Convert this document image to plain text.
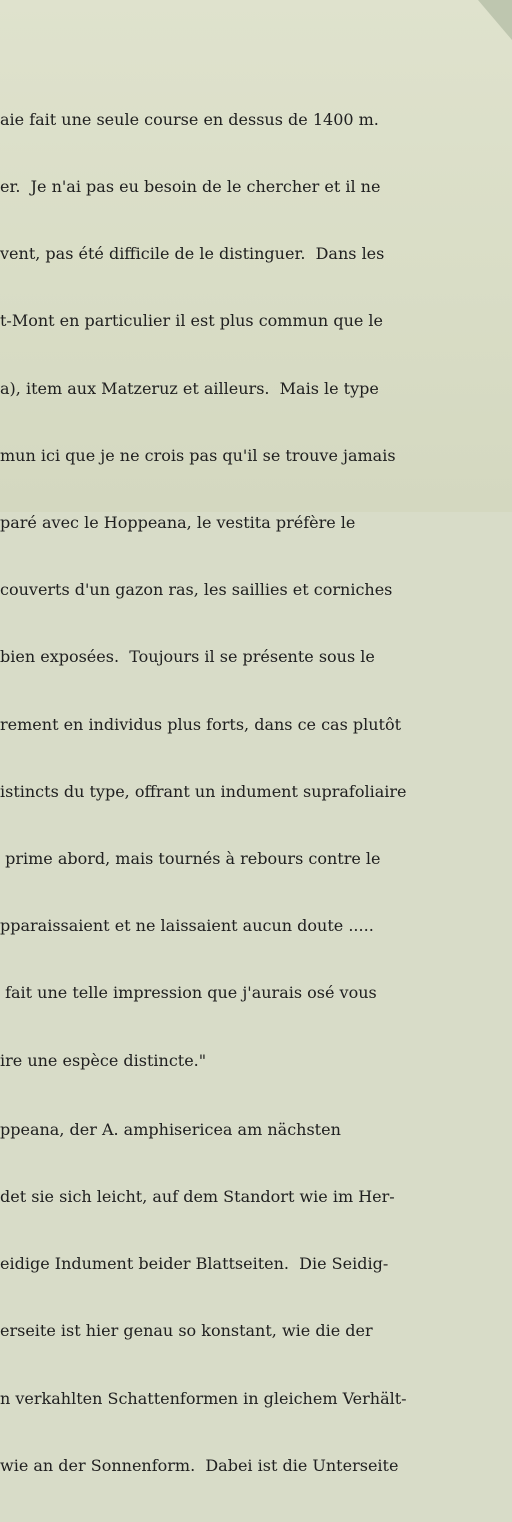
aie fait une seule course en dessus de 1400 m.

er.  Je n'ai pas eu besoin de le chercher et il ne

vent, pas été difficile de le distinguer.  Dans les

t-Mont en particulier il est plus commun que le

a), item aux Matzeruz et ailleurs.  Mais le type

mun ici que je ne crois pas qu'il se trouve jamais

paré avec le Hoppeana, le vestita préfère le

couverts d'un gazon ras, les saillies et corniches

bien exposées.  Toujours il se présente sous le

rement en individus plus forts, dans ce cas plutôt

istincts du type, offrant un indument suprafoliaire

prime abord, mais tournés à rebours contre le

pparaissaient et ne laissaient aucun doute .....

fait une telle impression que j'aurais osé vous

ire une espèce distincte."

ppeana, der A. amphisericea am nächsten

det sie sich leicht, auf dem Standort wie im Her-

eidige Indument beider Blattseiten.  Die Seidig-

erseite ist hier genau so konstant, wie die der

n verkahlten Schattenformen in gleichem Verhält-

wie an der Sonnenform.  Dabei ist die Unterseite
